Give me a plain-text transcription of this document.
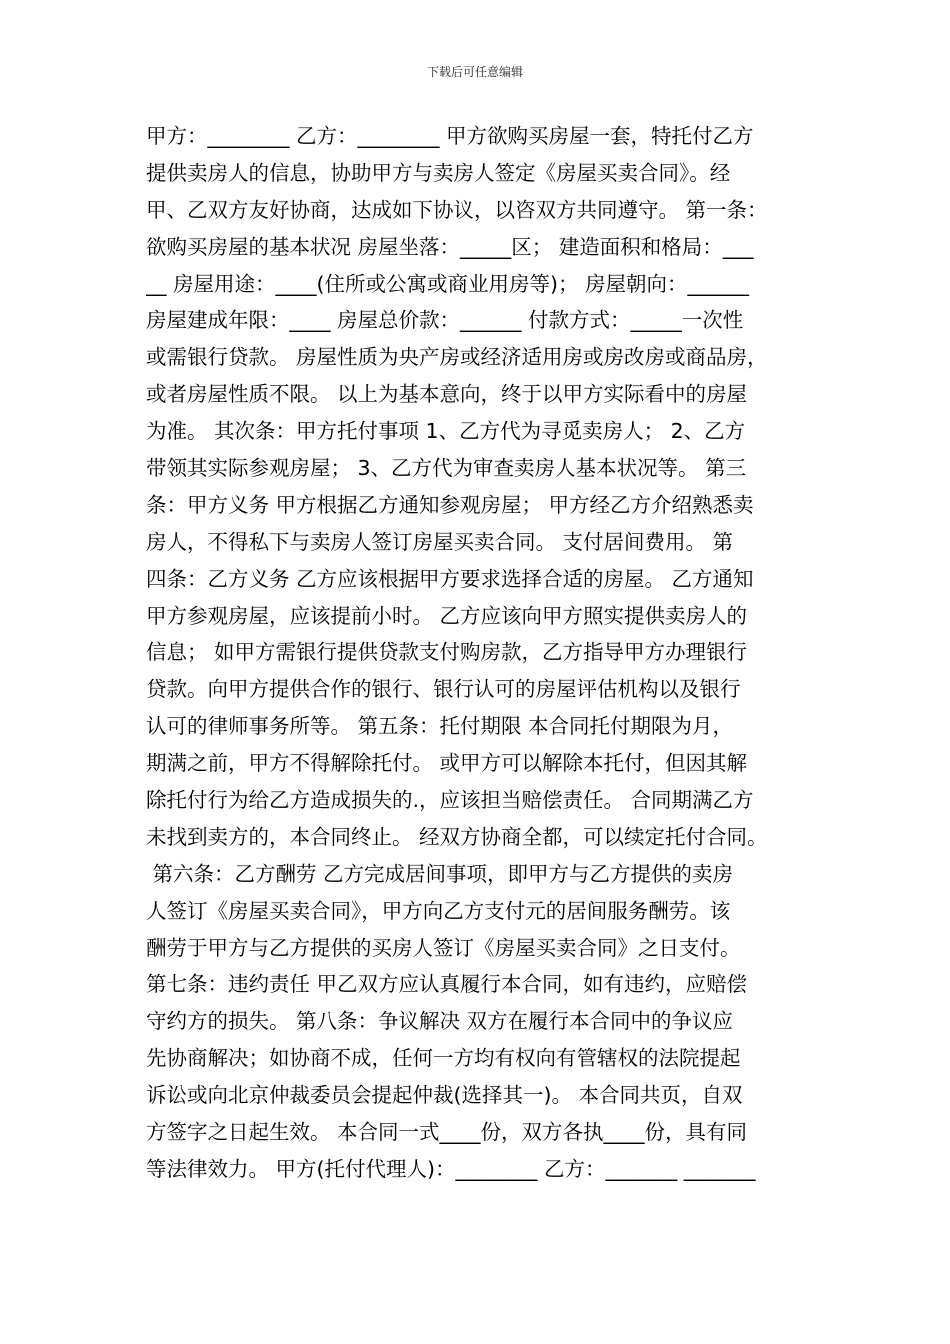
下载后可任意编辑
甲方：________ 乙方：________ 甲方欲购买房屋一套，特托付乙方
提供卖房人的信息，协助甲方与卖房人签定《房屋买卖合同》。经
甲、乙双方友好协商，达成如下协议，以咨双方共同遵守。 第一条：
欲购买房屋的基本状况 房屋坐落：_____区； 建造面积和格局：___
__ 房屋用途：____(住所或公寓或商业用房等)； 房屋朝向：______
房屋建成年限：____ 房屋总价款：______ 付款方式：_____一次性
或需银行贷款。 房屋性质为央产房或经济适用房或房改房或商品房，
或者房屋性质不限。 以上为基本意向，终于以甲方实际看中的房屋
为准。 其次条：甲方托付事项 1、乙方代为寻觅卖房人； 2、乙方
带领其实际参观房屋； 3、乙方代为审查卖房人基本状况等。 第三
条：甲方义务 甲方根据乙方通知参观房屋； 甲方经乙方介绍熟悉卖
房人，不得私下与卖房人签订房屋买卖合同。 支付居间费用。 第
四条：乙方义务 乙方应该根据甲方要求选择合适的房屋。 乙方通知
甲方参观房屋，应该提前小时。 乙方应该向甲方照实提供卖房人的
信息； 如甲方需银行提供贷款支付购房款，乙方指导甲方办理银行
贷款。向甲方提供合作的银行、银行认可的房屋评估机构以及银行
认可的律师事务所等。 第五条：托付期限 本合同托付期限为月，
期满之前，甲方不得解除托付。 或甲方可以解除本托付，但因其解
除托付行为给乙方造成损失的.，应该担当赔偿责任。 合同期满乙方
未找到卖方的，本合同终止。 经双方协商全都，可以续定托付合同。
第六条：乙方酬劳 乙方完成居间事项，即甲方与乙方提供的卖房
人签订《房屋买卖合同》，甲方向乙方支付元的居间服务酬劳。该
酬劳于甲方与乙方提供的买房人签订《房屋买卖合同》之日支付。
第七条：违约责任 甲乙双方应认真履行本合同，如有违约，应赔偿
守约方的损失。 第八条：争议解决 双方在履行本合同中的争议应
先协商解决；如协商不成，任何一方均有权向有管辖权的法院提起
诉讼或向北京仲裁委员会提起仲裁(选择其一)。 本合同共页，自双
方签字之日起生效。 本合同一式____份，双方各执____份，具有同
等法律效力。 甲方(托付代理人)：________ 乙方：_______ _______
